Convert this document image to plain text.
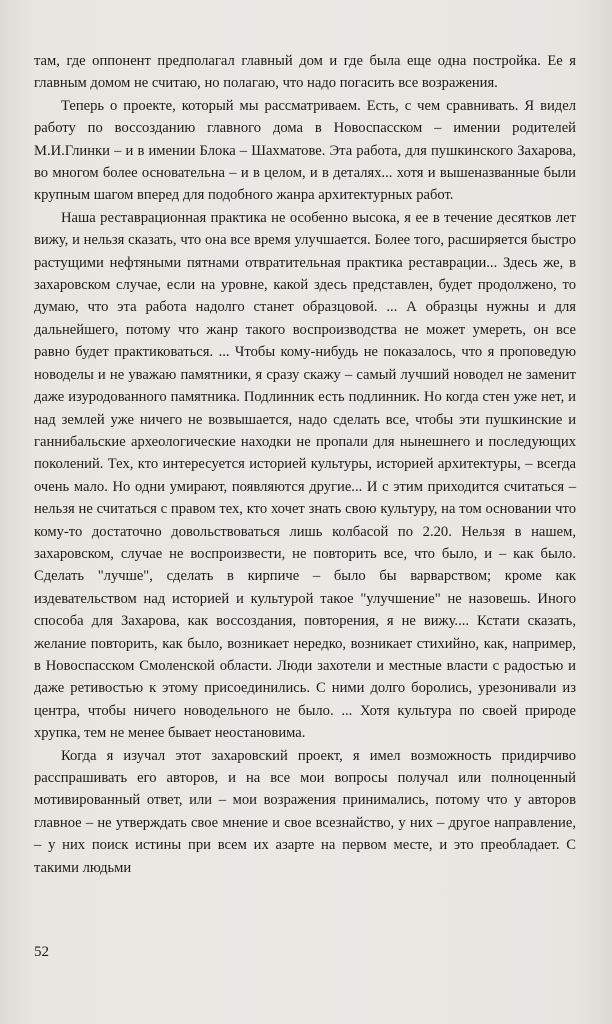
там, где оппонент предполагал главный дом и где была еще одна постройка. Ее я главным домом не считаю, но полагаю, что надо погасить все возражения.

Теперь о проекте, который мы рассматриваем. Есть, с чем сравнивать. Я видел работу по воссозданию главного дома в Новоспасском – имении родителей М.И.Глинки – и в имении Блока – Шахматове. Эта работа, для пушкинского Захарова, во многом более основательна – и в целом, и в деталях... хотя и вышеназванные были крупным шагом вперед для подобного жанра архитектурных работ.

Наша реставрационная практика не особенно высока, я ее в течение десятков лет вижу, и нельзя сказать, что она все время улучшается. Более того, расширяется быстро растущими нефтяными пятнами отвратительная практика реставрации... Здесь же, в захаровском случае, если на уровне, какой здесь представлен, будет продолжено, то думаю, что эта работа надолго станет образцовой. ... А образцы нужны и для дальнейшего, потому что жанр такого воспроизводства не может умереть, он все равно будет практиковаться. ... Чтобы кому-нибудь не показалось, что я проповедую новоделы и не уважаю памятники, я сразу скажу – самый лучший новодел не заменит даже изуродованного памятника. Подлинник есть подлинник. Но когда стен уже нет, и над землей уже ничего не возвышается, надо сделать все, чтобы эти пушкинские и ганнибальские археологические находки не пропали для нынешнего и последующих поколений. Тех, кто интересуется историей культуры, историей архитектуры, – всегда очень мало. Но одни умирают, появляются другие... И с этим приходится считаться – нельзя не считаться с правом тех, кто хочет знать свою культуру, на том основании что кому-то достаточно довольствоваться лишь колбасой по 2.20. Нельзя в нашем, захаровском, случае не воспроизвести, не повторить все, что было, и – как было. Сделать "лучше", сделать в кирпиче – было бы варварством; кроме как издевательством над историей и культурой такое "улучшение" не назовешь. Иного способа для Захарова, как воссоздания, повторения, я не вижу.... Кстати сказать, желание повторить, как было, возникает нередко, возникает стихийно, как, например, в Новоспасском Смоленской области. Люди захотели и местные власти с радостью и даже ретивостью к этому присоединились. С ними долго боролись, урезонивали из центра, чтобы ничего новодельного не было. ... Хотя культура по своей природе хрупка, тем не менее бывает неостановима.

Когда я изучал этот захаровский проект, я имел возможность придирчиво расспрашивать его авторов, и на все мои вопросы получал или полноценный мотивированный ответ, или – мои возражения принимались, потому что у авторов главное – не утверждать свое мнение и свое всезнайство, у них – другое направление, – у них поиск истины при всем их азарте на первом месте, и это преобладает. С такими людьми

52
